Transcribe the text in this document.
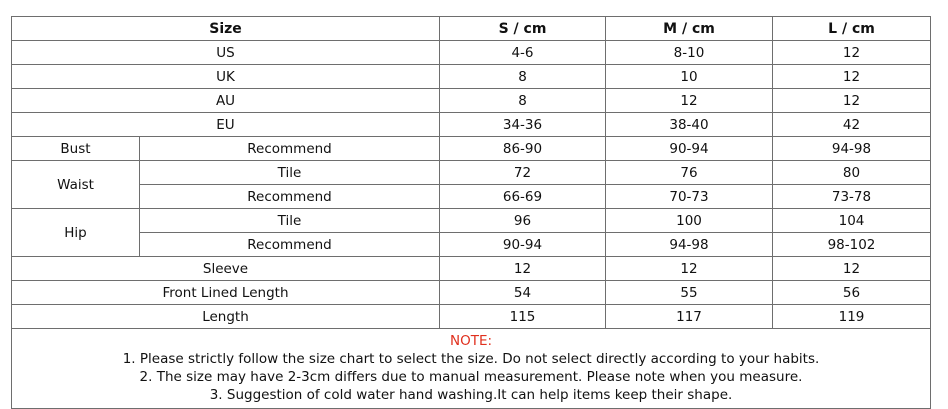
Size		S / cm	M / cm	L / cm
US		4-6	8-10	12
UK		8	10	12
AU		8	12	12
EU		34-36	38-40	42
Bust	Recommend	86-90	90-94	94-98
Waist	Tile	72	76	80
	Recommend	66-69	70-73	73-78
Hip	Tile	96	100	104
	Recommend	90-94	94-98	98-102
Sleeve		12	12	12
Front Lined Length		54	55	56
Length		115	117	119

NOTE:
1. Please strictly follow the size chart to select the size. Do not select directly according to your habits.
2. The size may have 2-3cm differs due to manual measurement. Please note when you measure.
3. Suggestion of cold water hand washing.It can help items keep their shape.				
